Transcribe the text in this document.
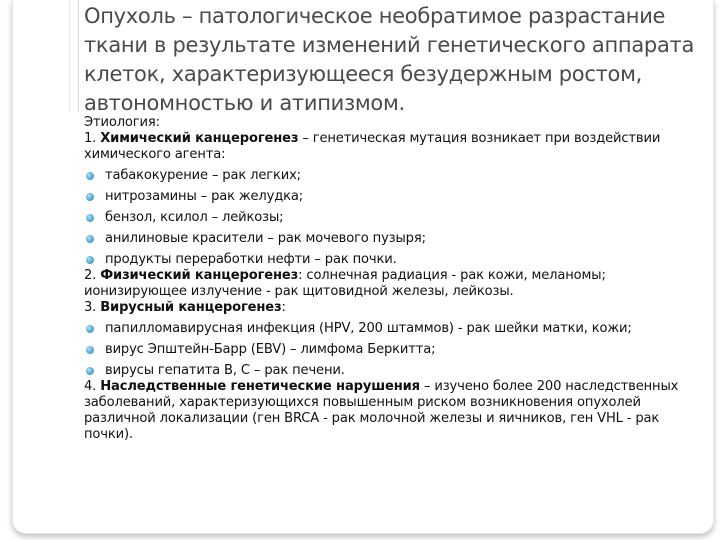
Опухоль – патологическое необратимое разрастание ткани в результате изменений генетического аппарата клеток, характеризующееся безудержным ростом, автономностью и атипизмом.

Этиология:

1. Химический канцерогенез – генетическая мутация возникает при воздействии химического агента:

табакокурение – рак легких;
нитрозамины – рак желудка;
бензол, ксилол – лейкозы;
анилиновые красители – рак мочевого пузыря;
продукты переработки нефти – рак почки.

2. Физический канцерогенез: солнечная радиация - рак кожи, меланомы; ионизирующее излучение - рак щитовидной железы, лейкозы.

3. Вирусный канцерогенез:

папилломавирусная инфекция (HPV, 200 штаммов) - рак шейки матки, кожи;
вирус Эпштейн-Барр (EBV) – лимфома Беркитта;
вирусы гепатита В, С – рак печени.

4. Наследственные генетические нарушения – изучено более 200 наследственных заболеваний, характеризующихся повышенным риском возникновения опухолей различной локализации (ген BRCA - рак молочной железы и яичников, ген VHL - рак почки).
